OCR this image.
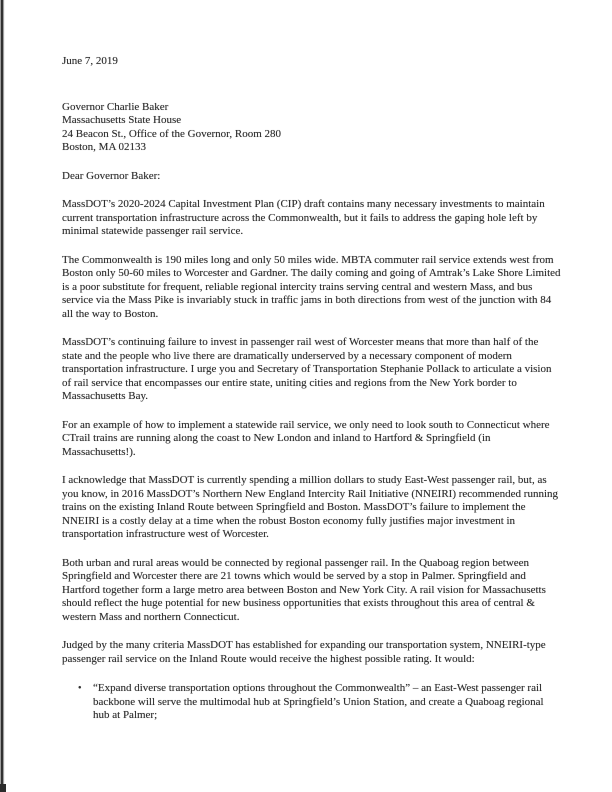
June 7, 2019
Governor Charlie Baker
Massachusetts State House
24 Beacon St., Office of the Governor, Room 280
Boston, MA 02133
Dear Governor Baker:

MassDOT’s 2020-2024 Capital Investment Plan (CIP) draft contains many necessary investments to maintain current transportation infrastructure across the Commonwealth, but it fails to address the gaping hole left by minimal statewide passenger rail service.

The Commonwealth is 190 miles long and only 50 miles wide. MBTA commuter rail service extends west from Boston only 50-60 miles to Worcester and Gardner. The daily coming and going of Amtrak’s Lake Shore Limited is a poor substitute for frequent, reliable regional intercity trains serving central and western Mass, and bus service via the Mass Pike is invariably stuck in traffic jams in both directions from west of the junction with 84 all the way to Boston.

MassDOT’s continuing failure to invest in passenger rail west of Worcester means that more than half of the state and the people who live there are dramatically underserved by a necessary component of modern transportation infrastructure. I urge you and Secretary of Transportation Stephanie Pollack to articulate a vision of rail service that encompasses our entire state, uniting cities and regions from the New York border to Massachusetts Bay.

For an example of how to implement a statewide rail service, we only need to look south to Connecticut where CTrail trains are running along the coast to New London and inland to Hartford & Springfield (in Massachusetts!).

I acknowledge that MassDOT is currently spending a million dollars to study East-West passenger rail, but, as you know, in 2016 MassDOT’s Northern New England Intercity Rail Initiative (NNEIRI) recommended running trains on the existing Inland Route between Springfield and Boston. MassDOT’s failure to implement the NNEIRI is a costly delay at a time when the robust Boston economy fully justifies major investment in transportation infrastructure west of Worcester.

Both urban and rural areas would be connected by regional passenger rail. In the Quaboag region between Springfield and Worcester there are 21 towns which would be served by a stop in Palmer. Springfield and Hartford together form a large metro area between Boston and New York City. A rail vision for Massachusetts should reflect the huge potential for new business opportunities that exists throughout this area of central & western Mass and northern Connecticut.

Judged by the many criteria MassDOT has established for expanding our transportation system, NNEIRI-type passenger rail service on the Inland Route would receive the highest possible rating. It would:

•	“Expand diverse transportation options throughout the Commonwealth” – an East-West passenger rail backbone will serve the multimodal hub at Springfield’s Union Station, and create a Quaboag regional hub at Palmer;
